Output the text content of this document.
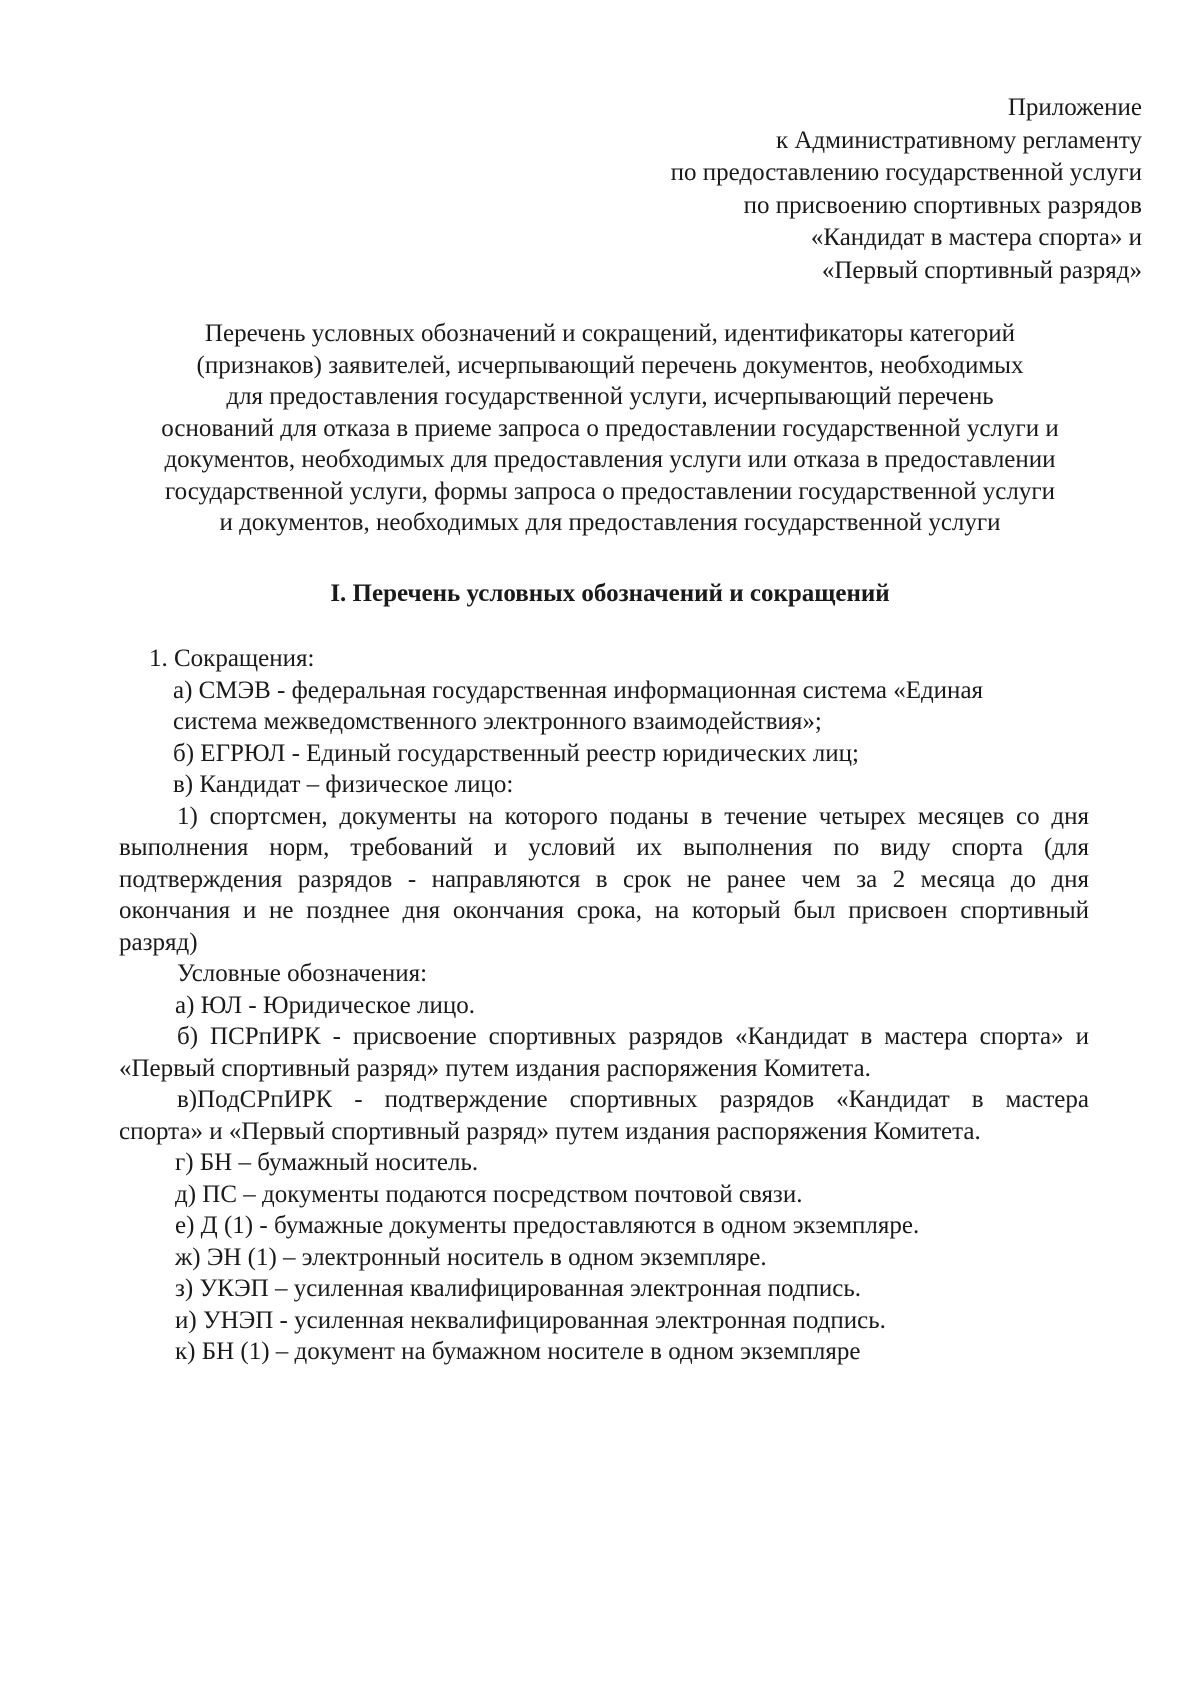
Приложение
к Административному регламенту
по предоставлению государственной услуги
по присвоению спортивных разрядов
«Кандидат в мастера спорта» и
«Первый спортивный разряд»
Перечень условных обозначений и сокращений, идентификаторы категорий
(признаков) заявителей, исчерпывающий перечень документов, необходимых
для предоставления государственной услуги, исчерпывающий перечень
оснований для отказа в приеме запроса о предоставлении государственной услуги и
документов, необходимых для предоставления услуги или отказа в предоставлении
государственной услуги, формы запроса о предоставлении государственной услуги
и документов, необходимых для предоставления государственной услуги
I. Перечень условных обозначений и сокращений
1. Сокращения:
а) СМЭВ - федеральная государственная информационная система «Единая
система межведомственного электронного взаимодействия»;
б) ЕГРЮЛ - Единый государственный реестр юридических лиц;
в) Кандидат – физическое лицо:
1) спортсмен, документы на которого поданы в течение четырех месяцев со дня
выполнения норм, требований и условий их выполнения по виду спорта (для
подтверждения разрядов - направляются в срок не ранее чем за 2 месяца до дня
окончания и не позднее дня окончания срока, на который был присвоен спортивный
разряд)
Условные обозначения:
а) ЮЛ - Юридическое лицо.
б) ПСРпИРК - присвоение спортивных разрядов «Кандидат в мастера спорта» и
«Первый спортивный разряд» путем издания распоряжения Комитета.
в)ПодСРпИРК - подтверждение спортивных разрядов «Кандидат в мастера
спорта» и «Первый спортивный разряд» путем издания распоряжения Комитета.
г) БН – бумажный носитель.
д) ПС – документы подаются посредством почтовой связи.
е) Д (1) - бумажные документы предоставляются в одном экземпляре.
ж) ЭН (1) – электронный носитель в одном экземпляре.
з) УКЭП – усиленная квалифицированная электронная подпись.
и) УНЭП - усиленная неквалифицированная электронная подпись.
к) БН (1) – документ на бумажном носителе в одном экземпляре
